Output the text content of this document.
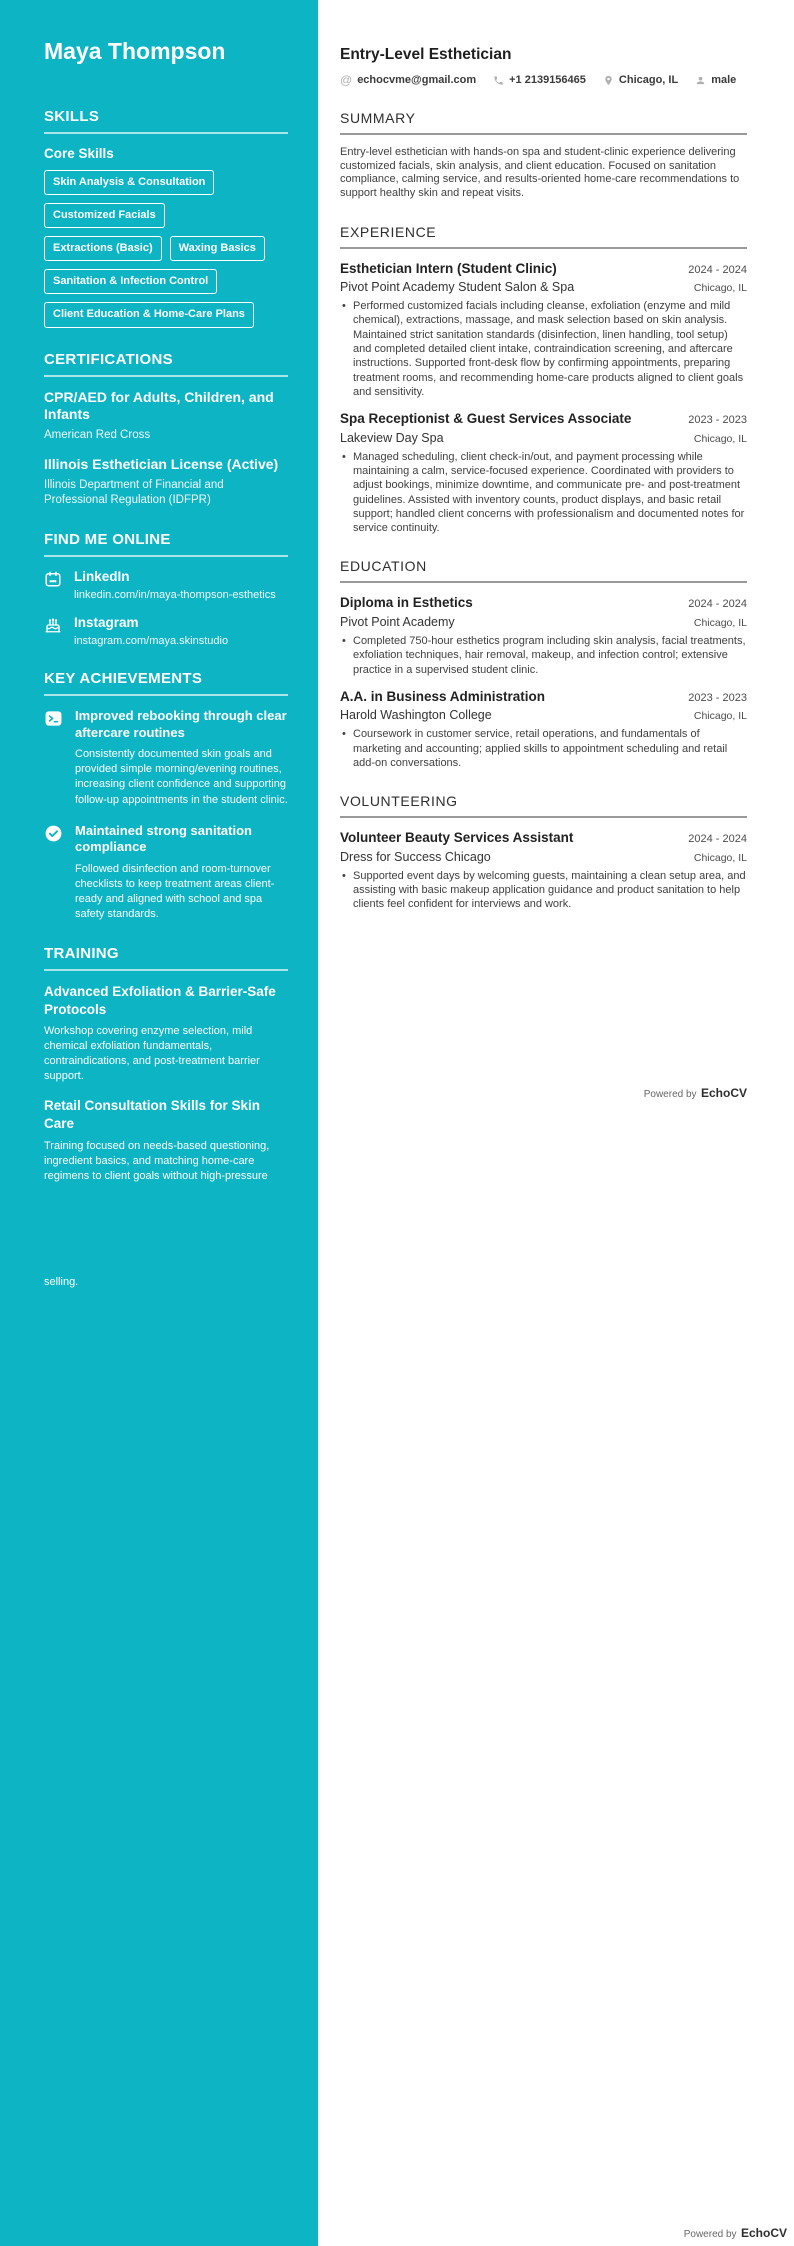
Maya Thompson
SKILLS
Core Skills
Skin Analysis & Consultation
Customized Facials
Extractions (Basic)	Waxing Basics
Sanitation & Infection Control
Client Education & Home-Care Plans
CERTIFICATIONS
CPR/AED for Adults, Children, and Infants
American Red Cross
Illinois Esthetician License (Active)
Illinois Department of Financial and Professional Regulation (IDFPR)
FIND ME ONLINE
LinkedIn
linkedin.com/in/maya-thompson-esthetics
Instagram
instagram.com/maya.skinstudio
KEY ACHIEVEMENTS
Improved rebooking through clear aftercare routines
Consistently documented skin goals and provided simple morning/evening routines, increasing client confidence and supporting follow-up appointments in the student clinic.
Maintained strong sanitation compliance
Followed disinfection and room-turnover checklists to keep treatment areas client-ready and aligned with school and spa safety standards.
TRAINING
Advanced Exfoliation & Barrier-Safe Protocols
Workshop covering enzyme selection, mild chemical exfoliation fundamentals, contraindications, and post-treatment barrier support.
Retail Consultation Skills for Skin Care
Training focused on needs-based questioning, ingredient basics, and matching home-care regimens to client goals without high-pressure
selling.
Entry-Level Esthetician
@ echocvme@gmail.com	+1 2139156465	Chicago, IL	male
SUMMARY

Entry-level esthetician with hands-on spa and student-clinic experience delivering customized facials, skin analysis, and client education. Focused on sanitation compliance, calming service, and results-oriented home-care recommendations to support healthy skin and repeat visits.

EXPERIENCE
Esthetician Intern (Student Clinic)	2024 - 2024
Pivot Point Academy Student Salon & Spa	Chicago, IL
• Performed customized facials including cleanse, exfoliation (enzyme and mild chemical), extractions, massage, and mask selection based on skin analysis. Maintained strict sanitation standards (disinfection, linen handling, tool setup) and completed detailed client intake, contraindication screening, and aftercare instructions. Supported front-desk flow by confirming appointments, preparing treatment rooms, and recommending home-care products aligned to client goals and sensitivity.
Spa Receptionist & Guest Services Associate	2023 - 2023
Lakeview Day Spa	Chicago, IL
• Managed scheduling, client check-in/out, and payment processing while maintaining a calm, service-focused experience. Coordinated with providers to adjust bookings, minimize downtime, and communicate pre- and post-treatment guidelines. Assisted with inventory counts, product displays, and basic retail support; handled client concerns with professionalism and documented notes for service continuity.
EDUCATION
Diploma in Esthetics	2024 - 2024
Pivot Point Academy	Chicago, IL
• Completed 750-hour esthetics program including skin analysis, facial treatments, exfoliation techniques, hair removal, makeup, and infection control; extensive practice in a supervised student clinic.
A.A. in Business Administration	2023 - 2023
Harold Washington College	Chicago, IL
• Coursework in customer service, retail operations, and fundamentals of marketing and accounting; applied skills to appointment scheduling and retail add-on conversations.
VOLUNTEERING
Volunteer Beauty Services Assistant	2024 - 2024
Dress for Success Chicago	Chicago, IL
• Supported event days by welcoming guests, maintaining a clean setup area, and assisting with basic makeup application guidance and product sanitation to help clients feel confident for interviews and work.
Powered by EchoCV
Powered by EchoCV
